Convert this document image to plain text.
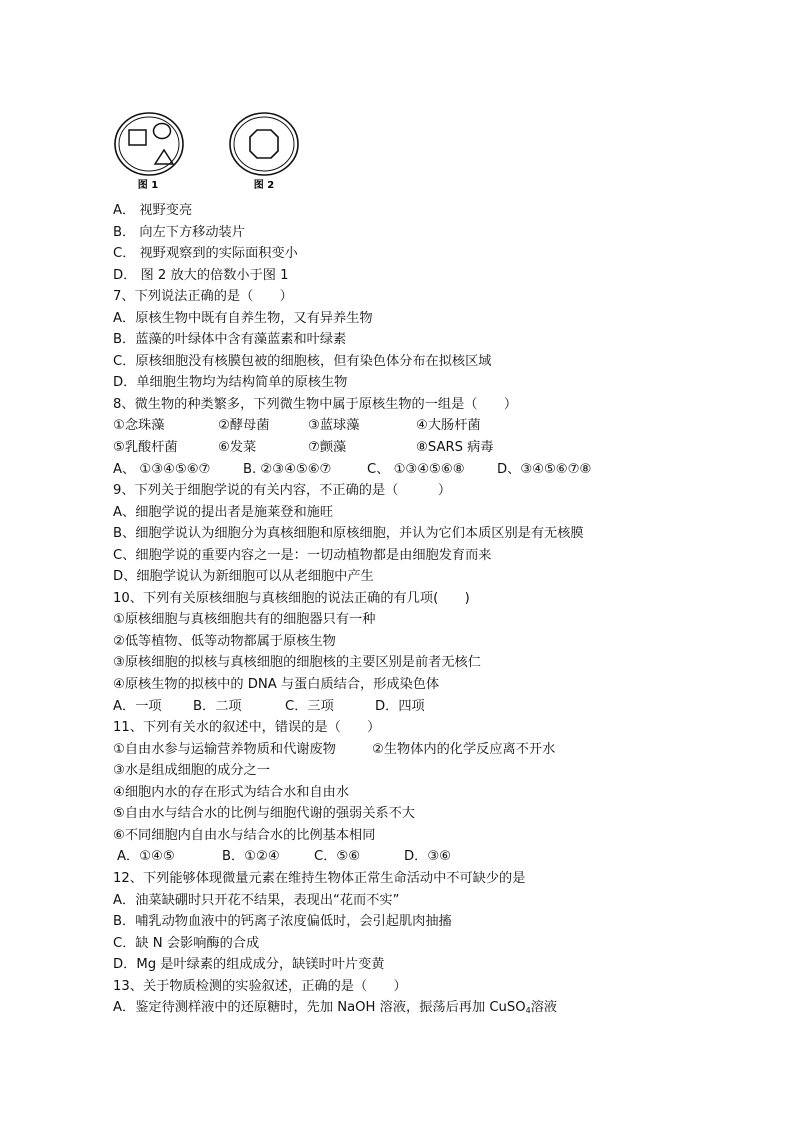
图 1	图 2
A． 视野变亮
B． 向左下方移动装片
C． 视野观察到的实际面积变小
D． 图 2 放大的倍数小于图 1
7、下列说法正确的是（　　）
A．原核生物中既有自养生物，又有异养生物
B．蓝藻的叶绿体中含有藻蓝素和叶绿素
C．原核细胞没有核膜包被的细胞核，但有染色体分布在拟核区域
D．单细胞生物均为结构简单的原核生物
8、微生物的种类繁多，下列微生物中属于原核生物的一组是（　　）
①念珠藻	②酵母菌	③蓝球藻	④大肠杆菌
⑤乳酸杆菌	⑥发菜	⑦颤藻	⑧SARS 病毒
A、 ①③④⑤⑥⑦ B. ②③④⑤⑥⑦	C、 ①③④⑤⑥⑧ D、③④⑤⑥⑦⑧
9、下列关于细胞学说的有关内容，不正确的是（　　　）
A、细胞学说的提出者是施莱登和施旺
B、细胞学说认为细胞分为真核细胞和原核细胞，并认为它们本质区别是有无核膜
C、细胞学说的重要内容之一是：一切动植物都是由细胞发育而来
D、细胞学说认为新细胞可以从老细胞中产生
10、下列有关原核细胞与真核细胞的说法正确的有几项(　　)
①原核细胞与真核细胞共有的细胞器只有一种
②低等植物、低等动物都属于原核生物
③原核细胞的拟核与真核细胞的细胞核的主要区别是前者无核仁
④原核生物的拟核中的 DNA 与蛋白质结合，形成染色体
A．一项 B．二项	C．三项	D．四项
11、下列有关水的叙述中，错误的是（　　）
①自由水参与运输营养物质和代谢废物	②生物体内的化学反应离不开水
③水是组成细胞的成分之一
④细胞内水的存在形式为结合水和自由水
⑤自由水与结合水的比例与细胞代谢的强弱关系不大
⑥不同细胞内自由水与结合水的比例基本相同
A．①④⑤	B．①②④	C．⑤⑥	D．③⑥
12、下列能够体现微量元素在维持生物体正常生命活动中不可缺少的是
A．油菜缺硼时只开花不结果，表现出“花而不实”
B．哺乳动物血液中的钙离子浓度偏低时，会引起肌肉抽搐
C．缺 N 会影响酶的合成
D．Mg 是叶绿素的组成成分，缺镁时叶片变黄
13、关于物质检测的实验叙述，正确的是（　　）
A．鉴定待测样液中的还原糖时，先加 NaOH 溶液，振荡后再加 CuSO$_4$溶液
